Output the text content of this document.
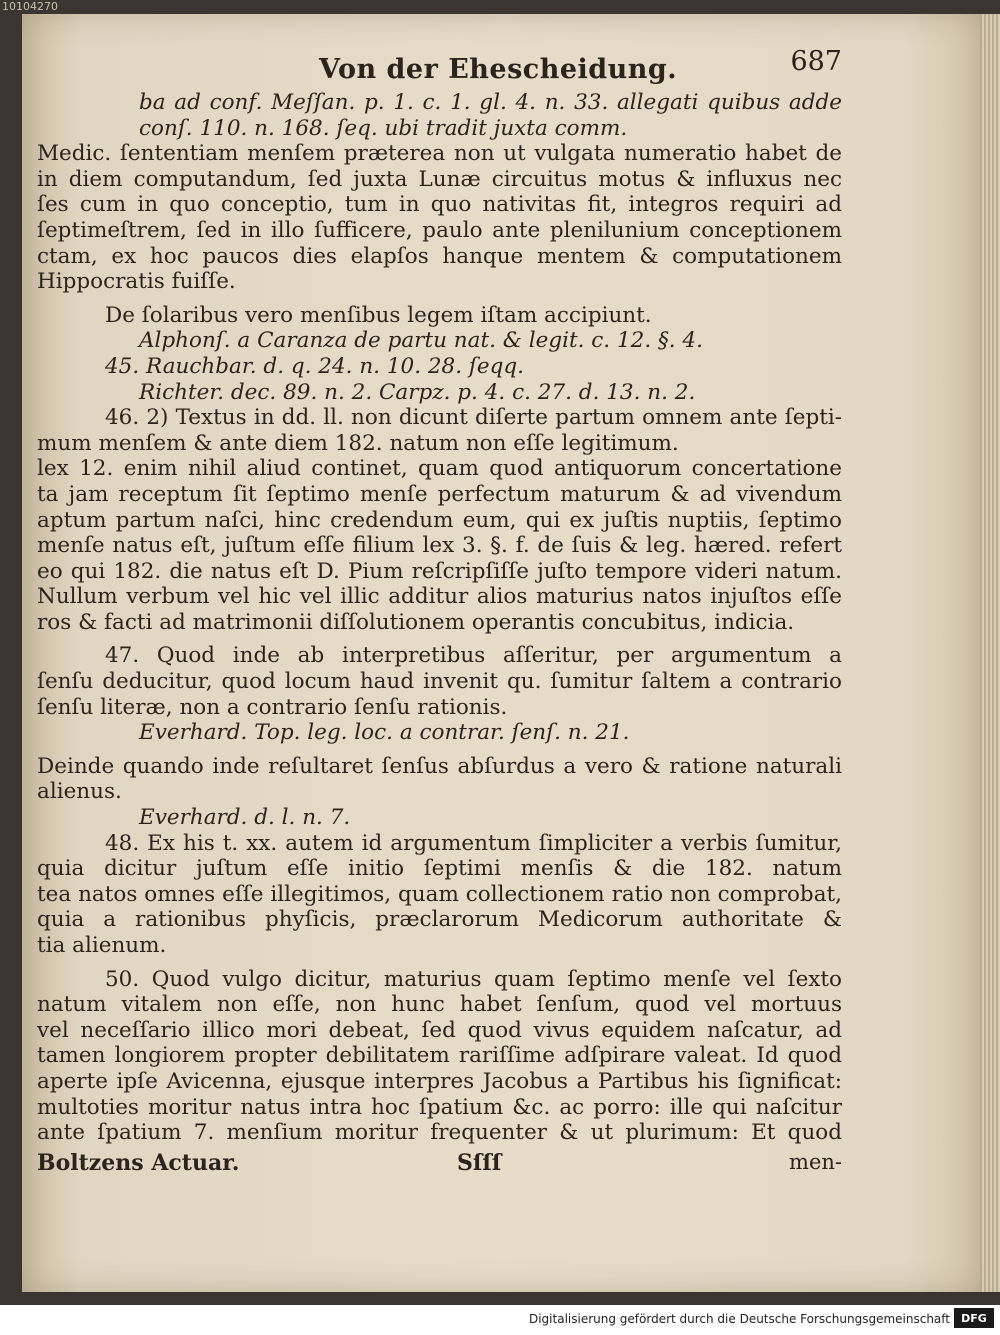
10104270
Von der Ehescheidung.	687
ba ad conf. Meſſan. p. 1. c. 1. gl. 4. n. 33. allegati quibus adde
conſ. 110. n. 168. ſeq. ubi tradit juxta comm.
Medic. ſententiam menſem præterea non ut vulgata numeratio habet de
in diem computandum, ſed juxta Lunæ circuitus motus & influxus nec
ſes cum in quo conceptio, tum in quo nativitas fit, integros requiri ad
ſeptimeſtrem, ſed in illo ſufficere, paulo ante plenilunium conceptionem
ctam, ex hoc paucos dies elapſos hanque mentem & computationem
Hippocratis fuiſſe.
De ſolaribus vero menſibus legem iſtam accipiunt.
Alphonſ. a Caranza de partu nat. & legit. c. 12. §. 4.
45. Rauchbar. d. q. 24. n. 10. 28. ſeqq.
Richter. dec. 89. n. 2. Carpz. p. 4. c. 27. d. 13. n. 2.
46. 2) Textus in dd. ll. non dicunt diſerte partum omnem ante ſepti-
mum menſem & ante diem 182. natum non eſſe legitimum.
lex 12. enim nihil aliud continet, quam quod antiquorum concertatione
ta jam receptum ſit ſeptimo menſe perfectum maturum & ad vivendum
aptum partum naſci, hinc credendum eum, qui ex juſtis nuptiis, ſeptimo
menſe natus eſt, juſtum eſſe filium lex 3. §. f. de ſuis & leg. hæred. refert
eo qui 182. die natus eſt D. Pium reſcripſiſſe juſto tempore videri natum.
Nullum verbum vel hic vel illic additur alios maturius natos injuſtos eſſe
ros & facti ad matrimonii diſſolutionem operantis concubitus, indicia.
47. Quod inde ab interpretibus aſſeritur, per argumentum a
ſenſu deducitur, quod locum haud invenit qu. ſumitur ſaltem a contrario
ſenſu literæ, non a contrario ſenſu rationis.
Everhard. Top. leg. loc. a contrar. ſenſ. n. 21.
Deinde quando inde reſultaret ſenſus abſurdus a vero & ratione naturali
alienus.
Everhard. d. l. n. 7.
48. Ex his t. xx. autem id argumentum ſimpliciter a verbis ſumitur,
quia dicitur juſtum eſſe initio ſeptimi menſis & die 182. natum
tea natos omnes eſſe illegitimos, quam collectionem ratio non comprobat,
quia a rationibus phyſicis, præclarorum Medicorum authoritate &
tia alienum.
50. Quod vulgo dicitur, maturius quam ſeptimo menſe vel ſexto
natum vitalem non eſſe, non hunc habet ſenſum, quod vel mortuus
vel neceſſario illico mori debeat, ſed quod vivus equidem naſcatur, ad
tamen longiorem propter debilitatem rariſſime adſpirare valeat. Id quod
aperte ipſe Avicenna, ejusque interpres Jacobus a Partibus his ſignificat:
multoties moritur natus intra hoc ſpatium &c. ac porro: ille qui naſcitur
ante ſpatium 7. menſium moritur frequenter & ut plurimum: Et quod
Boltzens Actuar.	Sſſſ	men-
Digitalisierung gefördert durch die Deutsche Forschungsgemeinschaft	DFG
